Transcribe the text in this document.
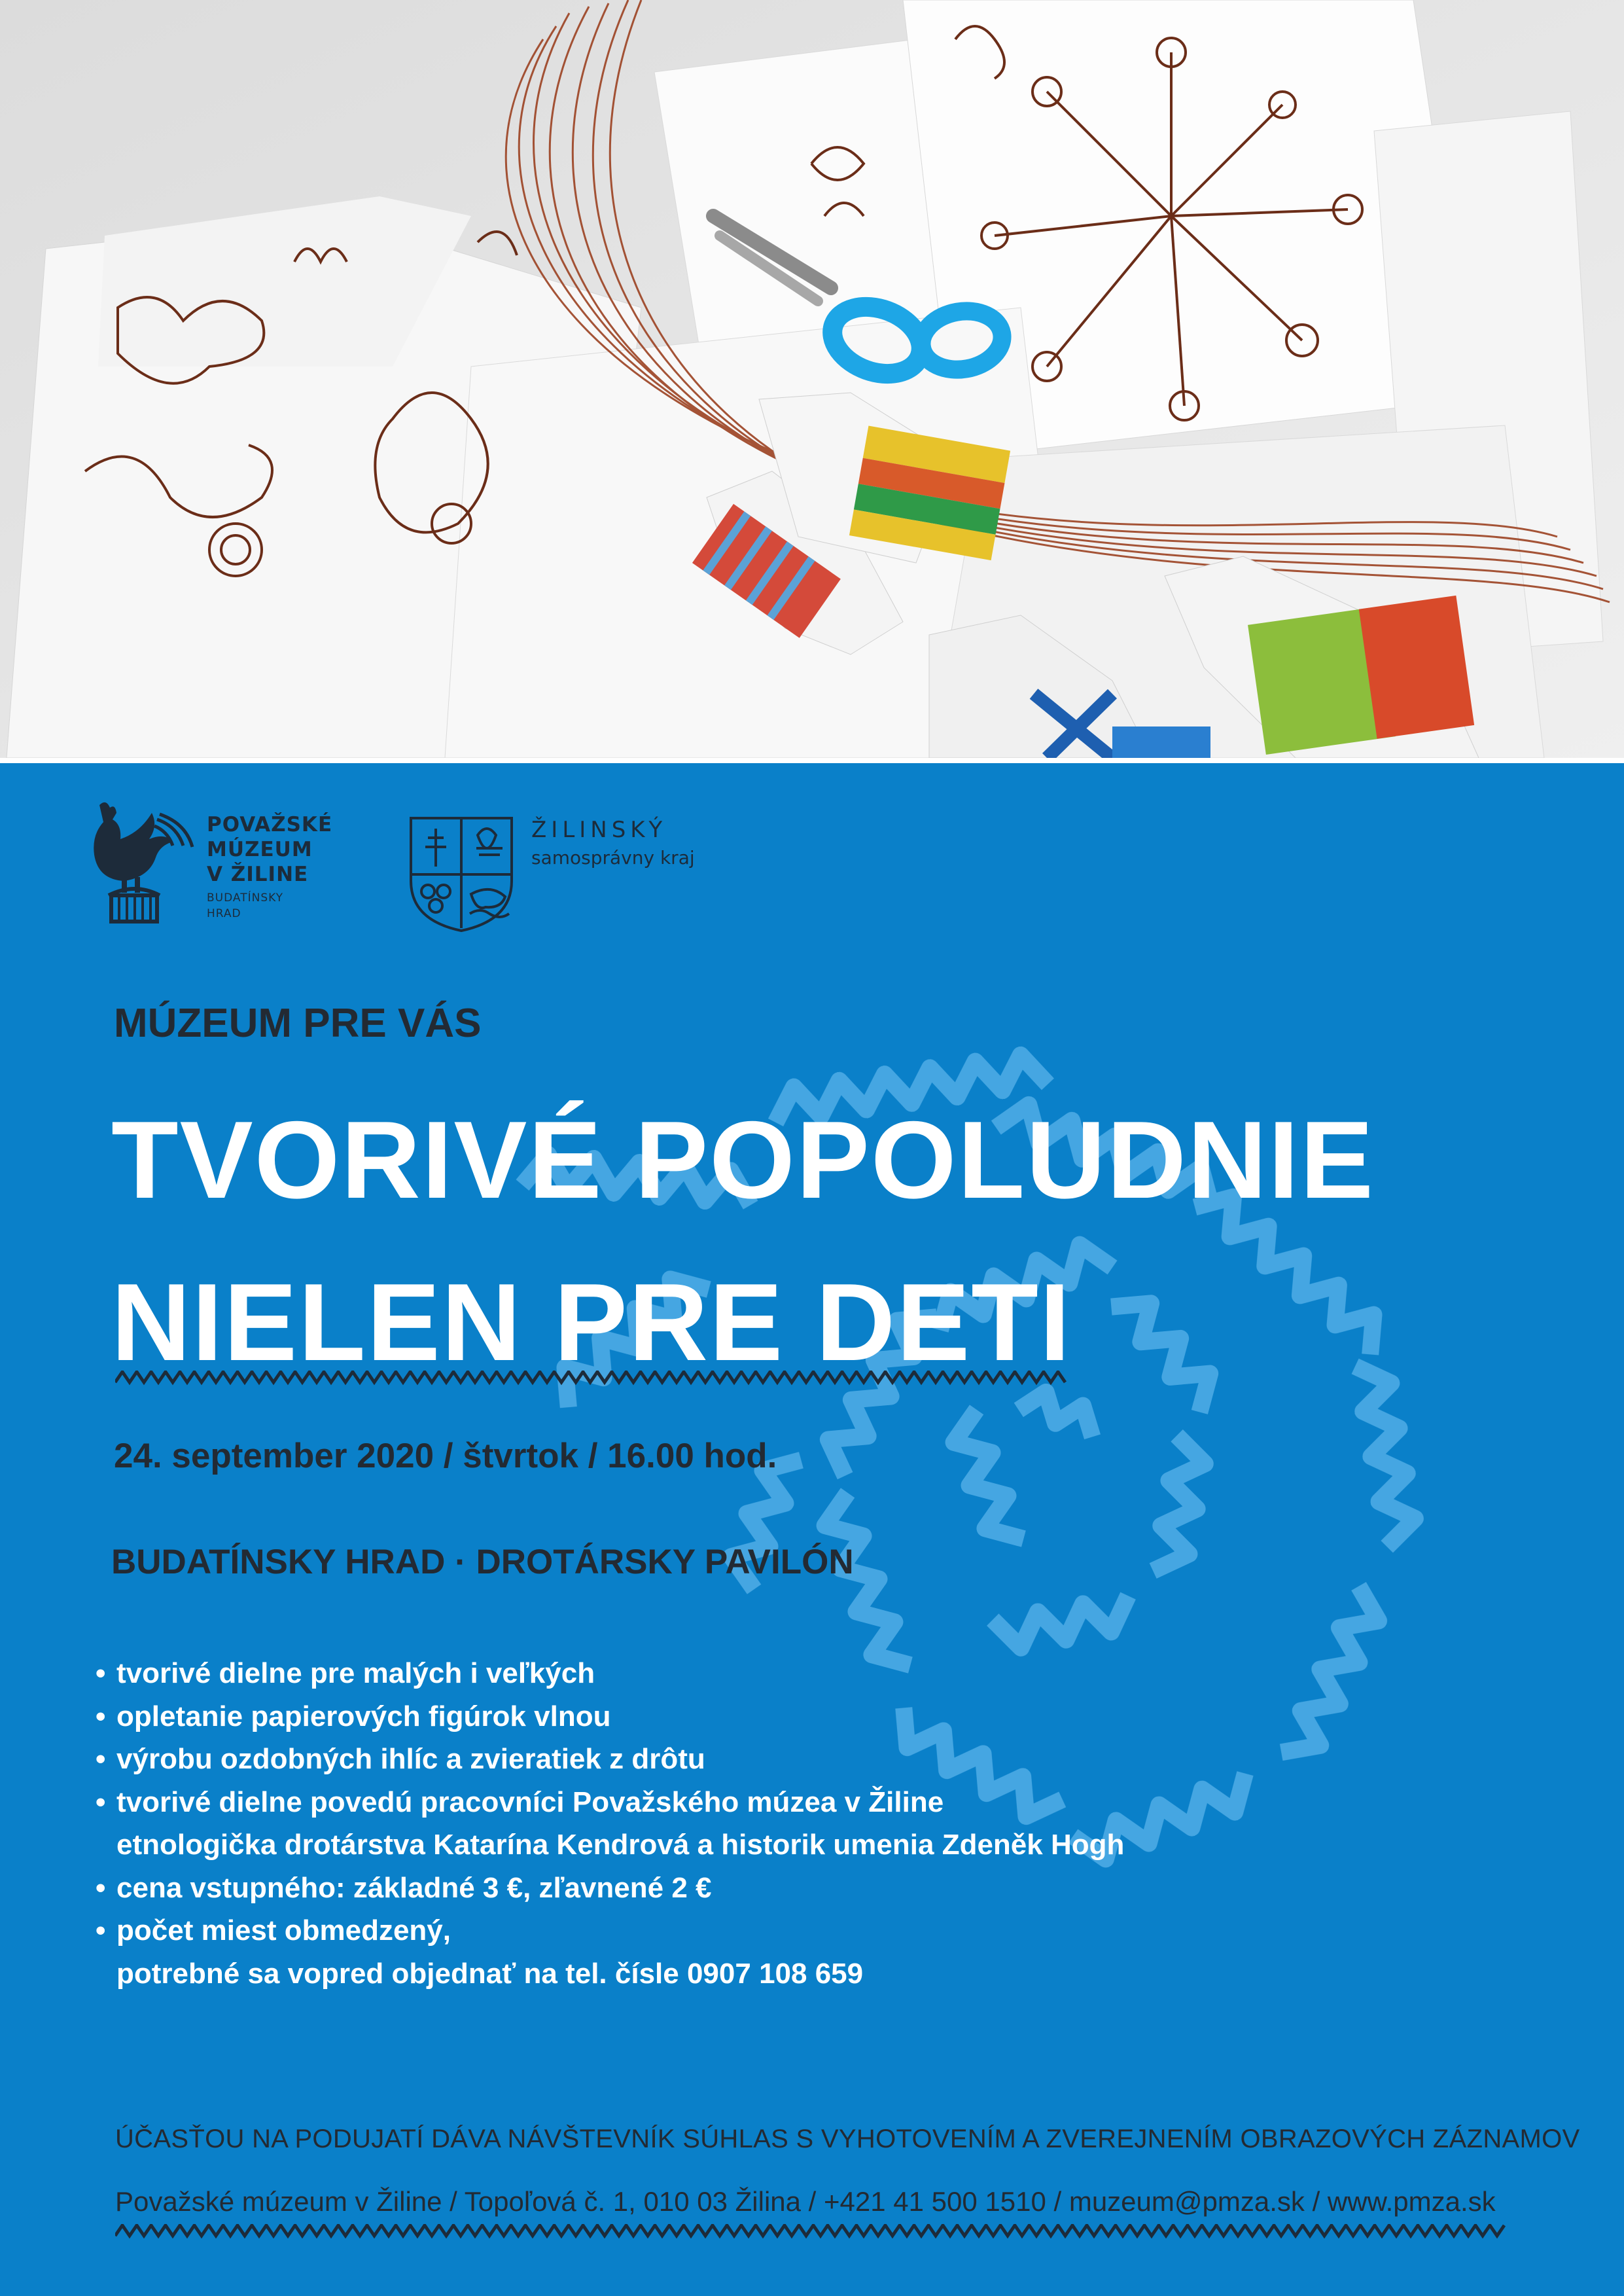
POVAŽSKÉ
MÚZEUM
V ŽILINE
BUDATÍNSKY
HRAD
ŽILINSKÝ
samosprávny kraj
MÚZEUM PRE VÁS
TVORIVÉ POPOLUDNIE
NIELEN PRE DETI
24. september 2020 / štvrtok / 16.00 hod.
BUDATÍNSKY HRAD · DROTÁRSKY PAVILÓN
• tvorivé dielne pre malých i veľkých
• opletanie papierových figúrok vlnou
• výrobu ozdobných ihlíc a zvieratiek z drôtu
• tvorivé dielne povedú pracovníci Považského múzea v Žiline
etnologička drotárstva Katarína Kendrová a historik umenia Zdeněk Hogh
• cena vstupného: základné 3 €, zľavnené 2 €
• počet miest obmedzený,
potrebné sa vopred objednať na tel. čísle 0907 108 659
ÚČASŤOU NA PODUJATÍ DÁVA NÁVŠTEVNÍK SÚHLAS S VYHOTOVENÍM A ZVEREJNENÍM OBRAZOVÝCH ZÁZNAMOV
Považské múzeum v Žiline / Topoľová č. 1, 010 03 Žilina / +421 41 500 1510 / muzeum@pmza.sk / www.pmza.sk
